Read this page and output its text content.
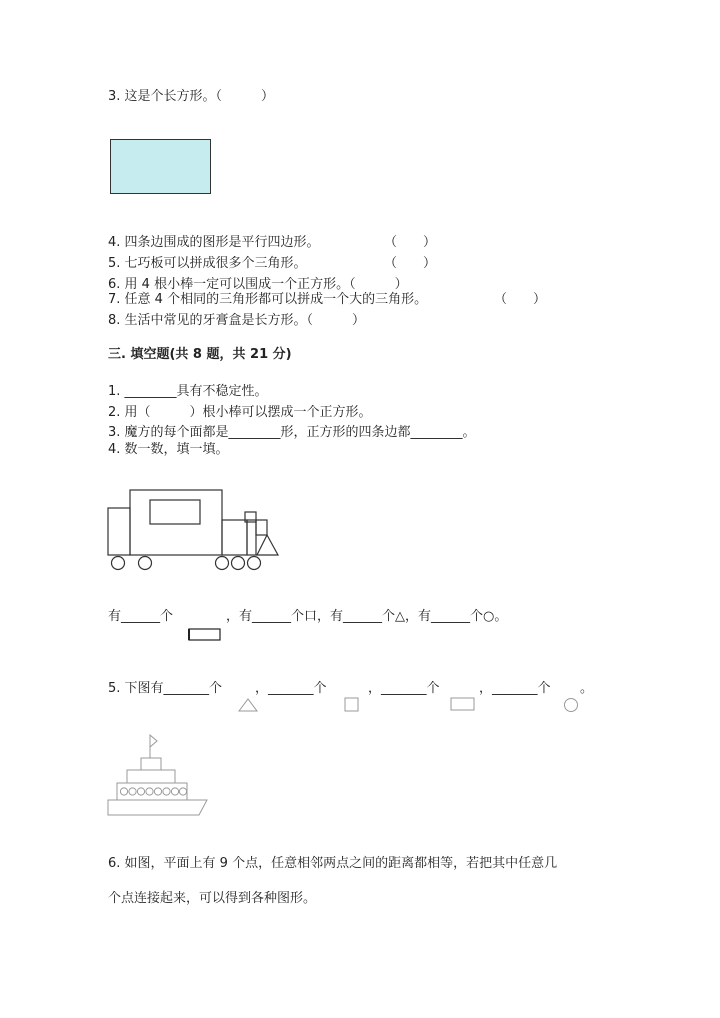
3. 这是个长方形。（　　　）
4. 四条边围成的图形是平行四边形。	（　　）
5. 七巧板可以拼成很多个三角形。	（　　）
6. 用 4 根小棒一定可以围成一个正方形。（　　　）
7. 任意 4 个相同的三角形都可以拼成一个大的三角形。	（　　）
8. 生活中常见的牙膏盒是长方形。（　　　）
三. 填空题(共 8 题，共 21 分)
1. ________具有不稳定性。
2. 用（　　　）根小棒可以摆成一个正方形。
3. 魔方的每个面都是________形，正方形的四条边都________。
4. 数一数，填一填。
有______个	，有______个口，有______个△，有______个○。
5. 下图有_______个	，_______个	，_______个	，_______个 。
6. 如图，平面上有 9 个点，任意相邻两点之间的距离都相等，若把其中任意几
个点连接起来，可以得到各种图形。
